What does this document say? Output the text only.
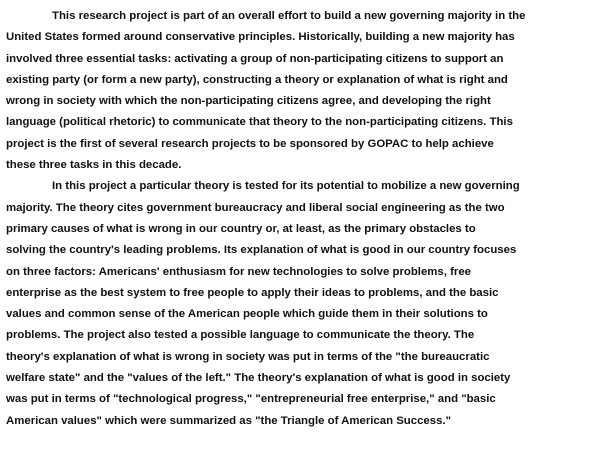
This research project is part of an overall effort to build a new governing majority in the
United States formed around conservative principles. Historically, building a new majority has
involved three essential tasks: activating a group of non-participating citizens to support an
existing party (or form a new party), constructing a theory or explanation of what is right and
wrong in society with which the non-participating citizens agree, and developing the right
language (political rhetoric) to communicate that theory to the non-participating citizens. This
project is the first of several research projects to be sponsored by GOPAC to help achieve
these three tasks in this decade.
In this project a particular theory is tested for its potential to mobilize a new governing
majority. The theory cites government bureaucracy and liberal social engineering as the two
primary causes of what is wrong in our country or, at least, as the primary obstacles to
solving the country's leading problems. Its explanation of what is good in our country focuses
on three factors: Americans' enthusiasm for new technologies to solve problems, free
enterprise as the best system to free people to apply their ideas to problems, and the basic
values and common sense of the American people which guide them in their solutions to
problems. The project also tested a possible language to communicate the theory. The
theory's explanation of what is wrong in society was put in terms of the "the bureaucratic
welfare state" and the "values of the left." The theory's explanation of what is good in society
was put in terms of "technological progress," "entrepreneurial free enterprise," and "basic
American values" which were summarized as "the Triangle of American Success."
